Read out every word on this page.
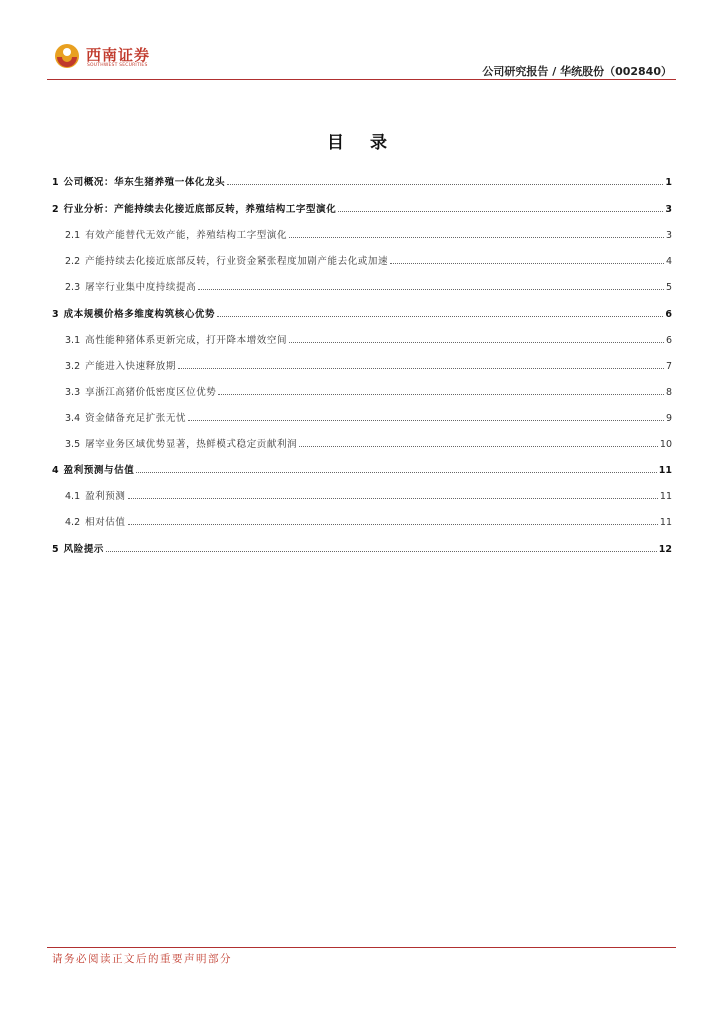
西南证券
SOUTHWEST SECURITIES	公司研究报告 / 华统股份（002840）
目 录
1 公司概况：华东生猪养殖一体化龙头	1
2 行业分析：产能持续去化接近底部反转，养殖结构工字型演化	3
2.1 有效产能替代无效产能，养殖结构工字型演化	3
2.2 产能持续去化接近底部反转，行业资金紧张程度加剧产能去化或加速	4
2.3 屠宰行业集中度持续提高	5
3 成本规模价格多维度构筑核心优势	6
3.1 高性能种猪体系更新完成，打开降本增效空间	6
3.2 产能进入快速释放期	7
3.3 享浙江高猪价低密度区位优势	8
3.4 资金储备充足扩张无忧	9
3.5 屠宰业务区域优势显著，热鲜模式稳定贡献利润	10
4 盈利预测与估值	11
4.1 盈利预测	11
4.2 相对估值	11
5 风险提示	12
请务必阅读正文后的重要声明部分
